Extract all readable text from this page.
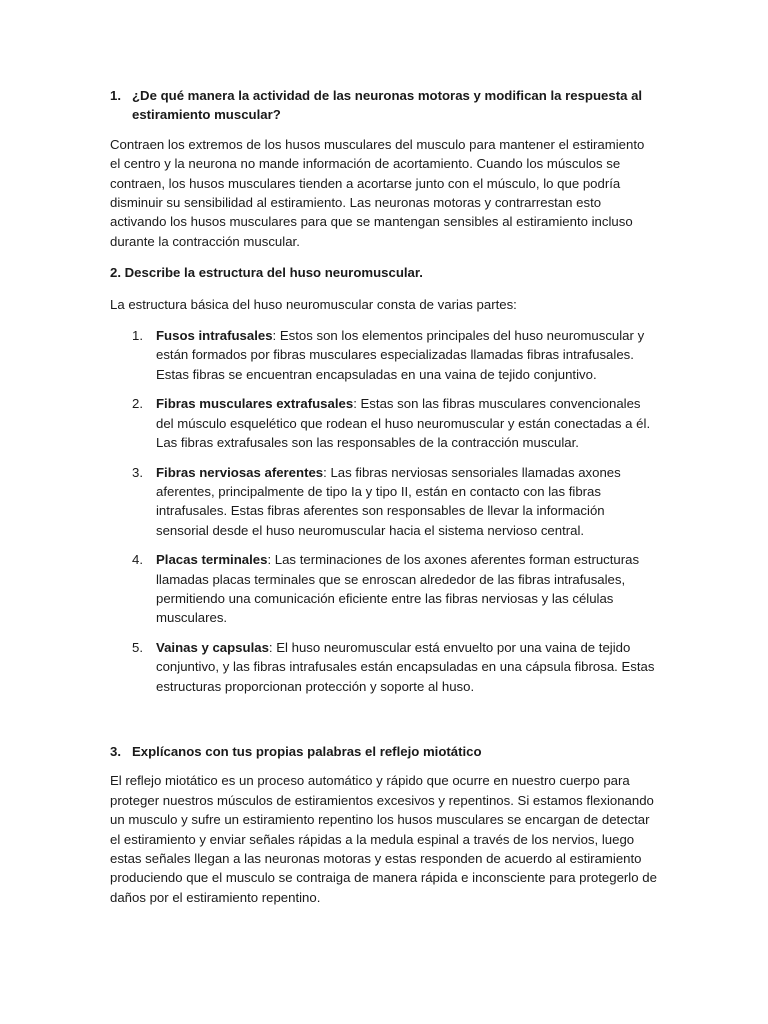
1. ¿De qué manera la actividad de las neuronas motoras y modifican la respuesta al estiramiento muscular?

Contraen los extremos de los husos musculares del musculo para mantener el estiramiento el centro y la neurona no mande información de acortamiento. Cuando los músculos se contraen, los husos musculares tienden a acortarse junto con el músculo, lo que podría disminuir su sensibilidad al estiramiento. Las neuronas motoras y contrarrestan esto activando los husos musculares para que se mantengan sensibles al estiramiento incluso durante la contracción muscular.

2. Describe la estructura del huso neuromuscular.

La estructura básica del huso neuromuscular consta de varias partes:

1. Fusos intrafusales: Estos son los elementos principales del huso neuromuscular y están formados por fibras musculares especializadas llamadas fibras intrafusales. Estas fibras se encuentran encapsuladas en una vaina de tejido conjuntivo.
2. Fibras musculares extrafusales: Estas son las fibras musculares convencionales del músculo esquelético que rodean el huso neuromuscular y están conectadas a él. Las fibras extrafusales son las responsables de la contracción muscular.
3. Fibras nerviosas aferentes: Las fibras nerviosas sensoriales llamadas axones aferentes, principalmente de tipo Ia y tipo II, están en contacto con las fibras intrafusales. Estas fibras aferentes son responsables de llevar la información sensorial desde el huso neuromuscular hacia el sistema nervioso central.
4. Placas terminales: Las terminaciones de los axones aferentes forman estructuras llamadas placas terminales que se enroscan alrededor de las fibras intrafusales, permitiendo una comunicación eficiente entre las fibras nerviosas y las células musculares.
5. Vainas y capsulas: El huso neuromuscular está envuelto por una vaina de tejido conjuntivo, y las fibras intrafusales están encapsuladas en una cápsula fibrosa. Estas estructuras proporcionan protección y soporte al huso.
3. Explícanos con tus propias palabras el reflejo miotático

El reflejo miotático es un proceso automático y rápido que ocurre en nuestro cuerpo para proteger nuestros músculos de estiramientos excesivos y repentinos. Si estamos flexionando un musculo y sufre un estiramiento repentino los husos musculares se encargan de detectar el estiramiento y enviar señales rápidas a la medula espinal a través de los nervios, luego estas señales llegan a las neuronas motoras y estas responden de acuerdo al estiramiento produciendo que el musculo se contraiga de manera rápida e inconsciente para protegerlo de daños por el estiramiento repentino.
